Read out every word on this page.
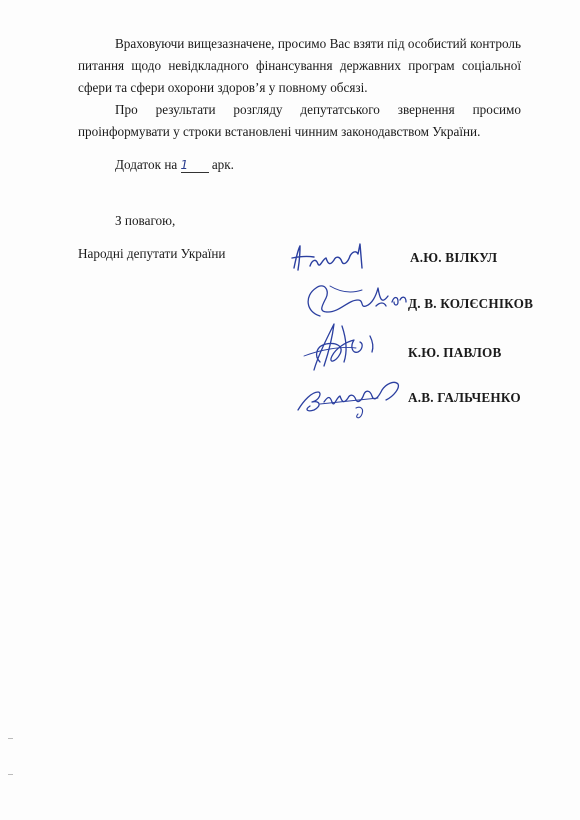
Враховуючи вищезазначене, просимо Вас взяти під особистий контроль питання щодо невідкладного фінансування державних програм соціальної сфери та сфери охорони здоров’я у повному обсязі.
Про результати розгляду депутатського звернення просимо проінформувати у строки встановлені чинним законодавством України.
Додаток на 1 арк.
З повагою,
Народні депутати України	А.Ю. ВІЛКУЛ
Д. В. КОЛЄСНІКОВ
К.Ю. ПАВЛОВ
А.В. ГАЛЬЧЕНКО
